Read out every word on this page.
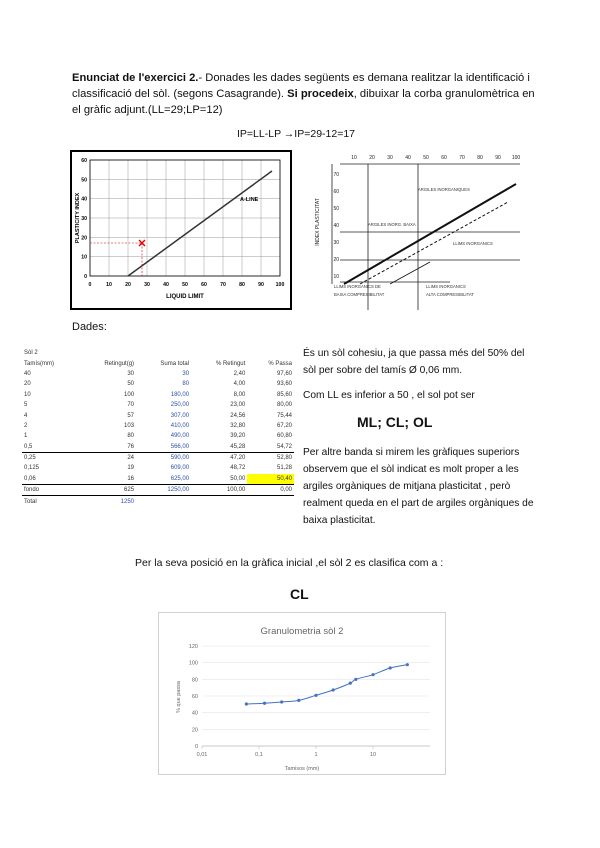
Enunciat de l'exercici 2.- Donades les dades següents es demana realitzar la identificació i classificació del sòl. (segons Casagrande). Si procedeix, dibuixar la corba granulomètrica en el gràfic adjunt.(LL=29;LP=12)
IP=LL-LP →IP=29-12=17
A-LINE
0	10	20	30	40	50	60	70	80	90 100
0
10
20
30
40
50
60
LIQUID LIMIT
PLASTICITY INDEX
10 20 30 40 50 60 70 80 90 100
70
60
50
40
30
20
10
INDEX PLASTICITAT
ARGILES INORGANIQUES
ARGILES INORG. BAIXA
LLIMS INORGANICS
LLIMS INORGANICS DE	LLIMS INORGANICS
BAIXA COMPRESIBILITAT	ALTA COMPRESIBILITAT
Dades:
Sòl 2				
Tamís(mm)	Retingut(g)	Suma total	% Retingut	% Passa
40	30	30	2,40	97,60
20	50	80	4,00	93,60
10	100	180,00	8,00	85,60
5	70	250,00	23,00	80,00
4	57	307,00	24,56	75,44
2	103	410,00	32,80	67,20
1	80	490,00	39,20	60,80
0,5	76	566,00	45,28	54,72
0,25	24	590,00	47,20	52,80
0,125	19	609,00	48,72	51,28
0,06	16	625,00	50,00	50,40
fondo	625	1250,00	100,00	0,00
Total	1250			
És un sòl cohesiu, ja que passa més del 50% del sòl per sobre del tamís Ø 0,06 mm.
Com LL es inferior a 50 , el sol pot ser
ML; CL; OL
Per altre banda si mirem les gràfiques superiors observem que el sòl indicat es molt proper a les argiles orgàniques de mitjana plasticitat , però realment queda en el part de argiles orgàniques de baixa plasticitat.
Per la seva posició en la gràfica inicial ,el sòl 2 es clasifica com a :
CL
Granulometria sòl 2
Tamisos (mm)
% que passa
0
20
40
60
80
100
120
0,01	0,1	1	10
